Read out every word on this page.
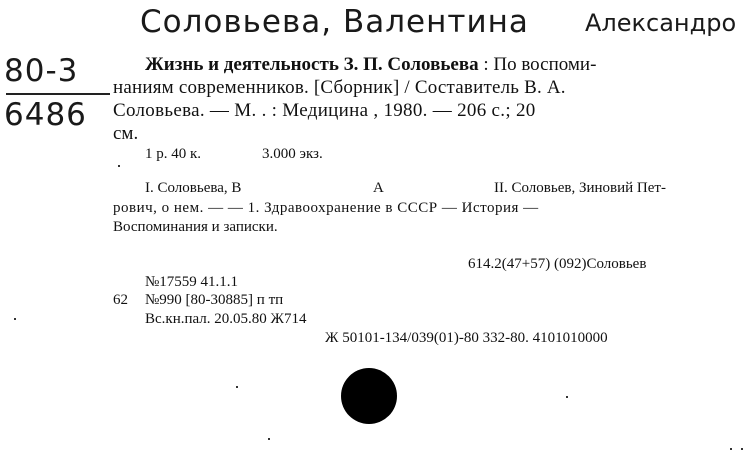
Соловьева, Валентина Александро
80-3
6486
Жизнь и деятельность З. П. Соловьева : По воспоми-
наниям современников. [Сборник] / Составитель В. А.
Соловьева. — М. . : Медицина , 1980. — 206 с.; 20
см.
1 р. 40 к.	3.000 экз.
I. Соловьева, В	А	II. Соловьев, Зиновий Пет-
рович, о нем. — — 1. Здравоохранение в СССР — История —
Воспоминания и записки.
614.2(47+57) (092)Соловьев
№17559 41.1.1
62 №990 [80-30885] п тп
Вс.кн.пал. 20.05.80 Ж714
Ж 50101-134/039(01)-80 332-80. 4101010000
